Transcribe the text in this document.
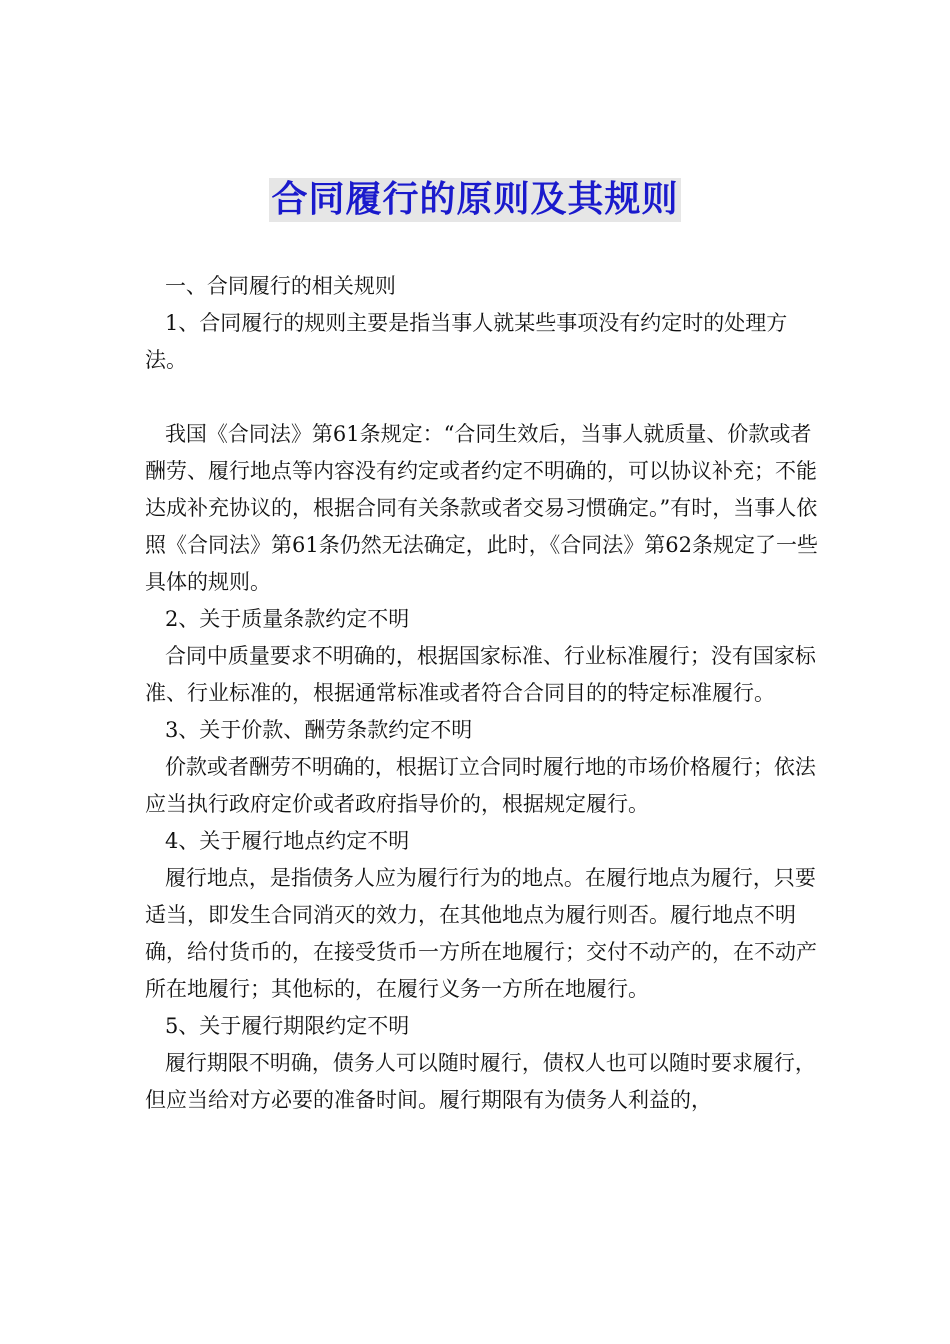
合同履行的原则及其规则

一、合同履行的相关规则

1、合同履行的规则主要是指当事人就某些事项没有约定时的处理方法。

我国《合同法》第61条规定：“合同生效后，当事人就质量、价款或者酬劳、履行地点等内容没有约定或者约定不明确的，可以协议补充；不能达成补充协议的，根据合同有关条款或者交易习惯确定。”有时，当事人依照《合同法》第61条仍然无法确定，此时，《合同法》第62条规定了一些具体的规则。

2、关于质量条款约定不明

合同中质量要求不明确的，根据国家标准、行业标准履行；没有国家标准、行业标准的，根据通常标准或者符合合同目的的特定标准履行。

3、关于价款、酬劳条款约定不明

价款或者酬劳不明确的，根据订立合同时履行地的市场价格履行；依法应当执行政府定价或者政府指导价的，根据规定履行。

4、关于履行地点约定不明

履行地点，是指债务人应为履行行为的地点。在履行地点为履行，只要适当，即发生合同消灭的效力，在其他地点为履行则否。履行地点不明确，给付货币的，在接受货币一方所在地履行；交付不动产的，在不动产所在地履行；其他标的，在履行义务一方所在地履行。

5、关于履行期限约定不明

履行期限不明确，债务人可以随时履行，债权人也可以随时要求履行，但应当给对方必要的准备时间。履行期限有为债务人利益的，
